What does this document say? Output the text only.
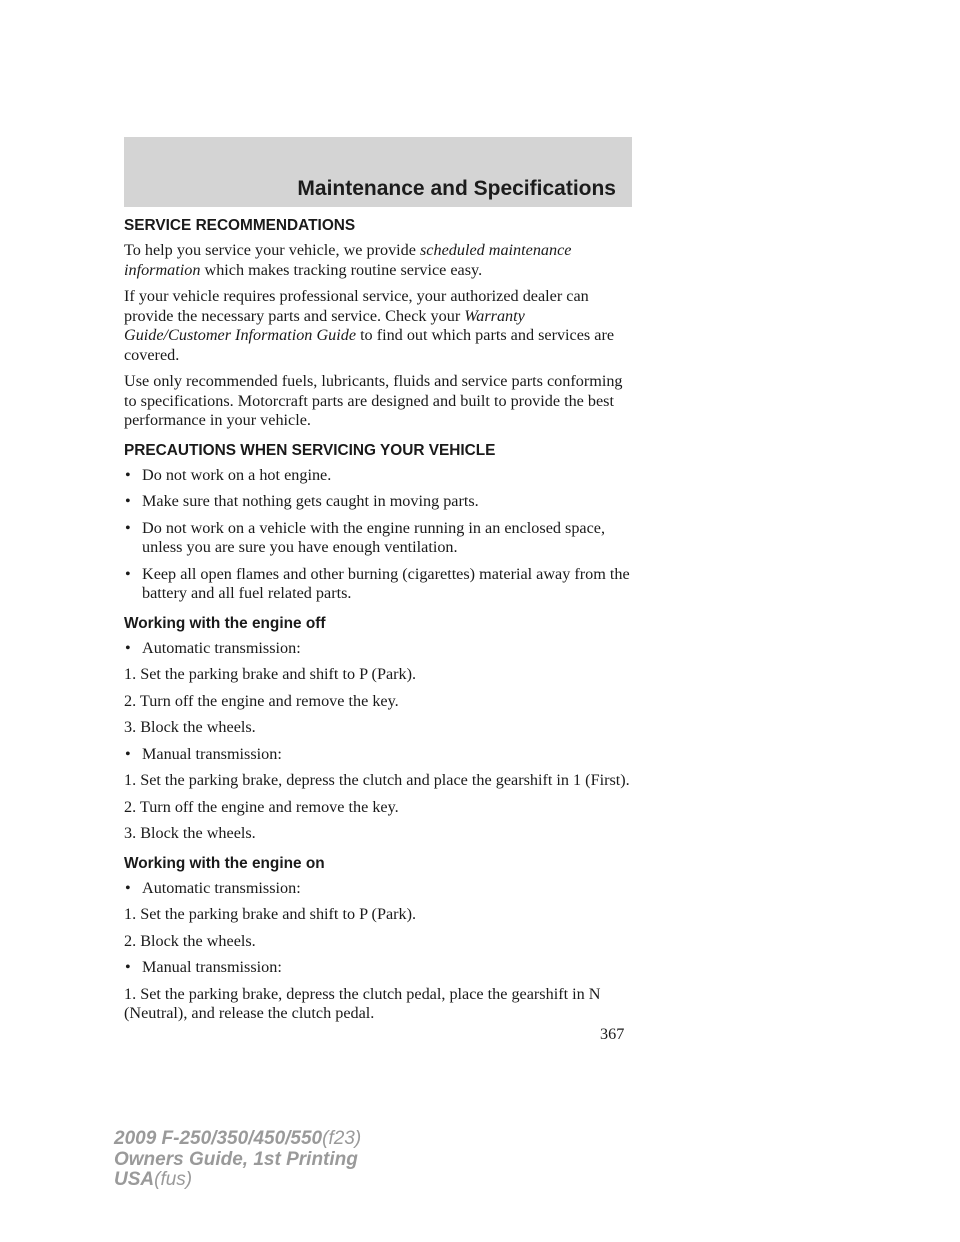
Maintenance and Specifications
SERVICE RECOMMENDATIONS
To help you service your vehicle, we provide scheduled maintenance information which makes tracking routine service easy.
If your vehicle requires professional service, your authorized dealer can provide the necessary parts and service. Check your Warranty Guide/Customer Information Guide to find out which parts and services are covered.
Use only recommended fuels, lubricants, fluids and service parts conforming to specifications. Motorcraft parts are designed and built to provide the best performance in your vehicle.
PRECAUTIONS WHEN SERVICING YOUR VEHICLE
• Do not work on a hot engine.
• Make sure that nothing gets caught in moving parts.
• Do not work on a vehicle with the engine running in an enclosed space, unless you are sure you have enough ventilation.
• Keep all open flames and other burning (cigarettes) material away from the battery and all fuel related parts.
Working with the engine off
• Automatic transmission:
1. Set the parking brake and shift to P (Park).
2. Turn off the engine and remove the key.
3. Block the wheels.
• Manual transmission:
1. Set the parking brake, depress the clutch and place the gearshift in 1 (First).
2. Turn off the engine and remove the key.
3. Block the wheels.
Working with the engine on
• Automatic transmission:
1. Set the parking brake and shift to P (Park).
2. Block the wheels.
• Manual transmission:
1. Set the parking brake, depress the clutch pedal, place the gearshift in N (Neutral), and release the clutch pedal.
367
2009 F-250/350/450/550(f23)
Owners Guide, 1st Printing
USA(fus)
